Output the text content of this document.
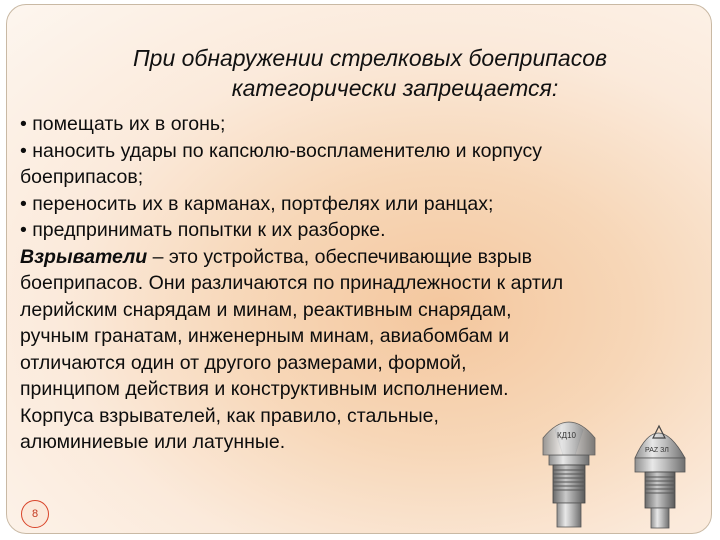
При обнаружении стрелковых боеприпасов
категорически запрещается:
• помещать их в огонь;
• наносить удары по капсюлю-воспламенителю и корпусу
боеприпасов;
• переносить их в карманах, портфелях или ранцах;
• предпринимать попытки к их разборке.
Взрыватели – это устройства, обеспечивающие взрыв
боеприпасов. Они различаются по принадлежности к артил
лерийским снарядам и минам, реактивным снарядам,
ручным гранатам, инженерным минам, авиабомбам и
отличаются один от другого размерами, формой,
принципом действия и конструктивным исполнением.
Корпуса взрывателей, как правило, стальные,
алюминиевые или латунные.	КД10
РАZ ЗЛ
8
